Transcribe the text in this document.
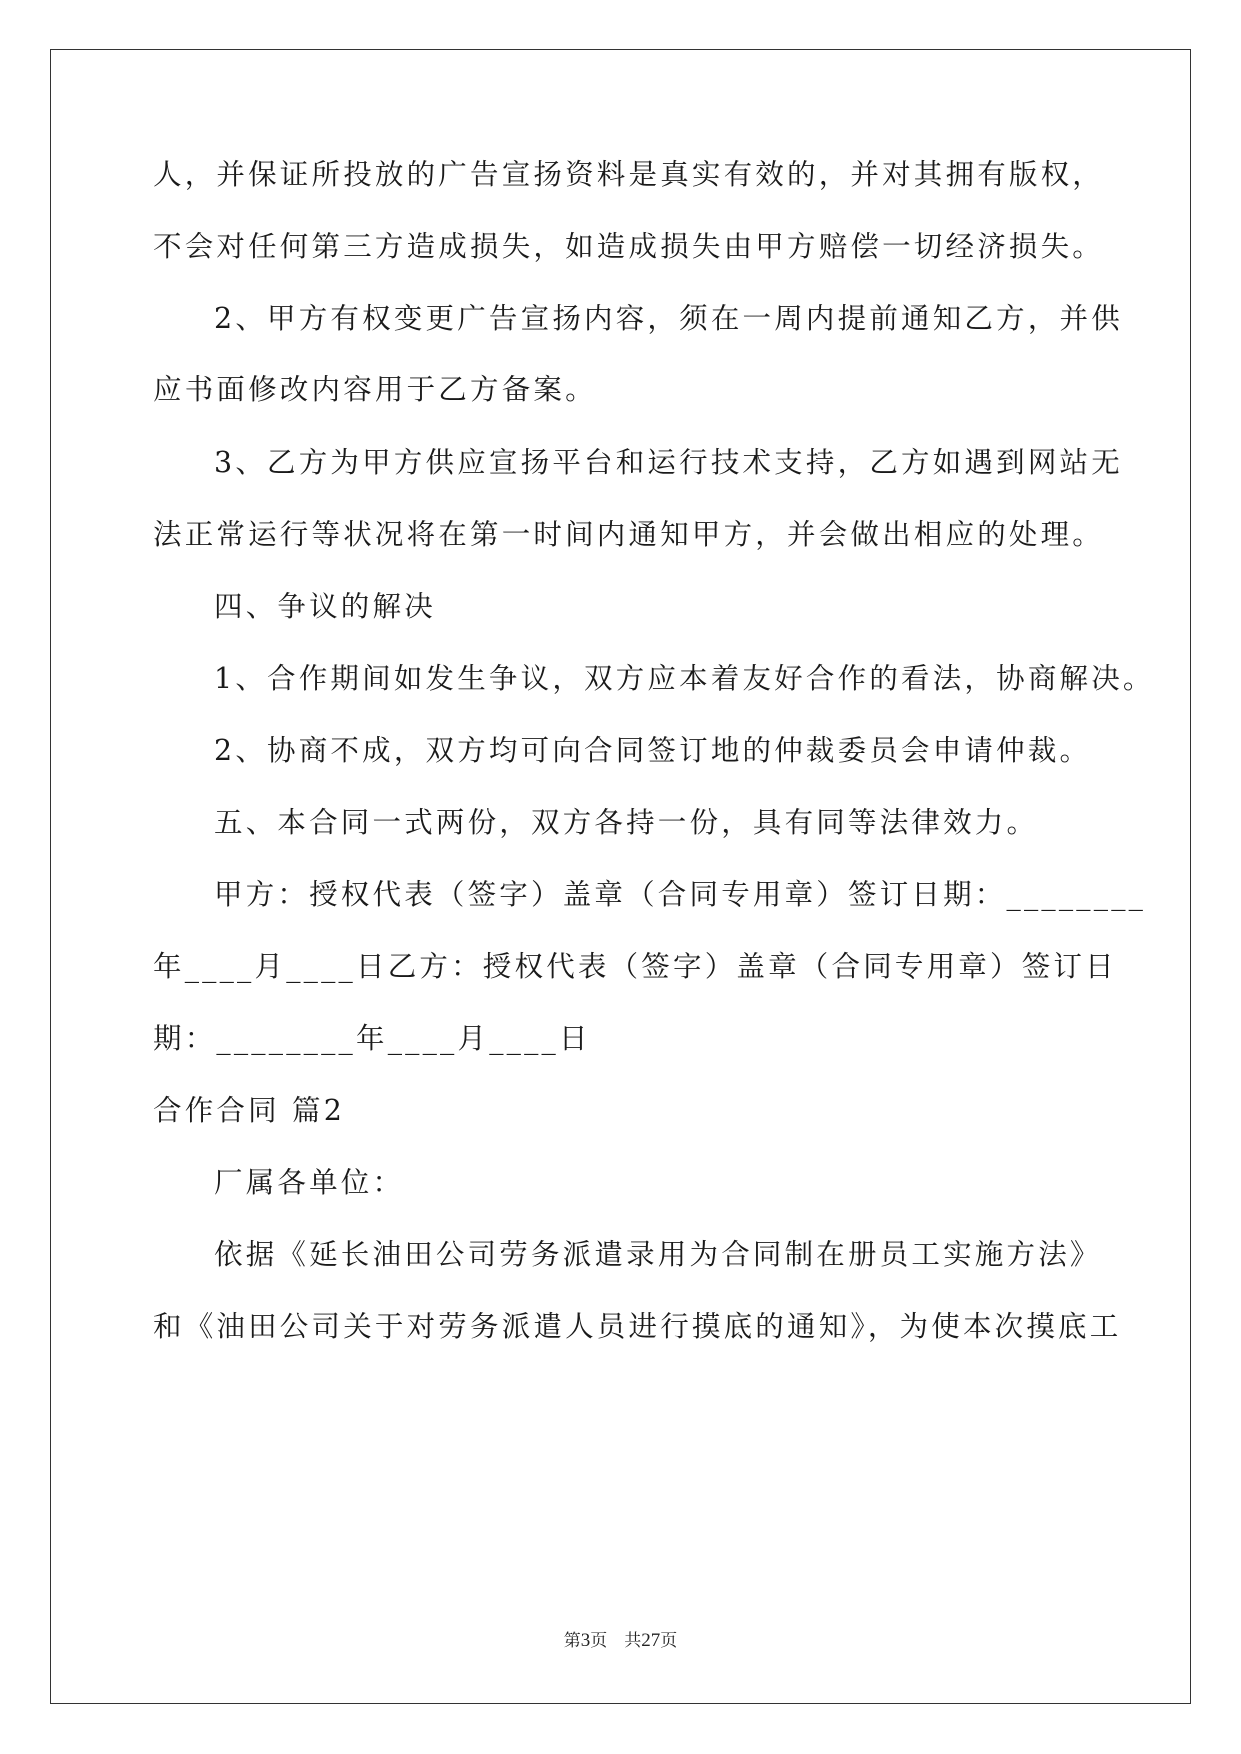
人，并保证所投放的广告宣扬资料是真实有效的，并对其拥有版权，
不会对任何第三方造成损失，如造成损失由甲方赔偿一切经济损失。
2、甲方有权变更广告宣扬内容，须在一周内提前通知乙方，并供
应书面修改内容用于乙方备案。
3、乙方为甲方供应宣扬平台和运行技术支持，乙方如遇到网站无
法正常运行等状况将在第一时间内通知甲方，并会做出相应的处理。
四、争议的解决
1、合作期间如发生争议，双方应本着友好合作的看法，协商解决。
2、协商不成，双方均可向合同签订地的仲裁委员会申请仲裁。
五、本合同一式两份，双方各持一份，具有同等法律效力。
甲方：授权代表（签字）盖章（合同专用章）签订日期：________
年____月____日乙方：授权代表（签字）盖章（合同专用章）签订日
期：________年____月____日
合作合同 篇2
厂属各单位：
依据《延长油田公司劳务派遣录用为合同制在册员工实施方法》
和《油田公司关于对劳务派遣人员进行摸底的通知》，为使本次摸底工
第3页　共27页
